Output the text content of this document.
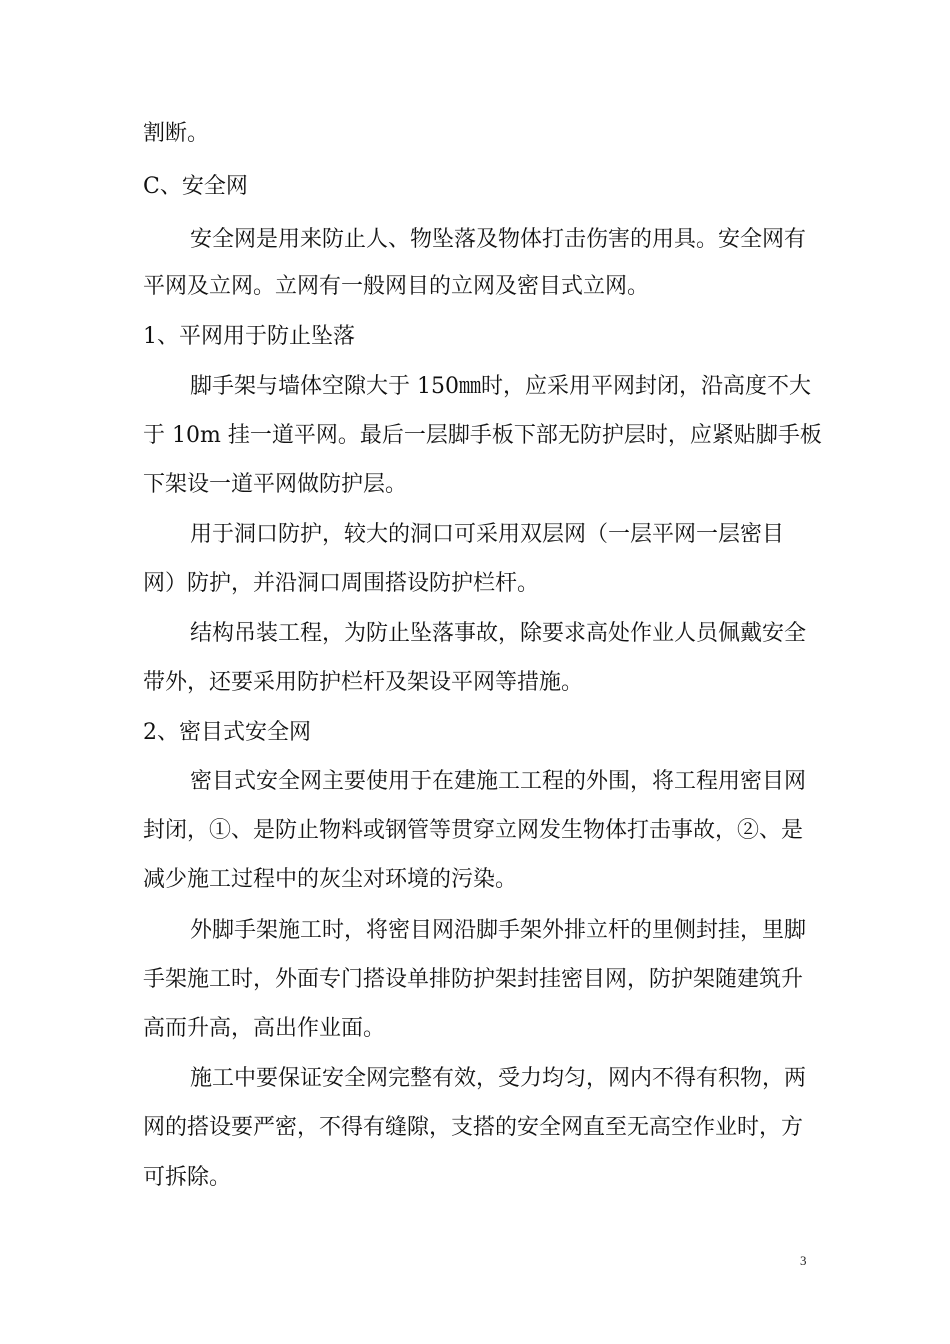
割断。
C、安全网
安全网是用来防止人、物坠落及物体打击伤害的用具。安全网有
平网及立网。立网有一般网目的立网及密目式立网。
1、平网用于防止坠落
脚手架与墙体空隙大于 150㎜时，应采用平网封闭，沿高度不大
于 10m 挂一道平网。最后一层脚手板下部无防护层时，应紧贴脚手板
下架设一道平网做防护层。
用于洞口防护，较大的洞口可采用双层网（一层平网一层密目
网）防护，并沿洞口周围搭设防护栏杆。
结构吊装工程，为防止坠落事故，除要求高处作业人员佩戴安全
带外，还要采用防护栏杆及架设平网等措施。
2、密目式安全网
密目式安全网主要使用于在建施工工程的外围，将工程用密目网
封闭，①、是防止物料或钢管等贯穿立网发生物体打击事故，②、是
减少施工过程中的灰尘对环境的污染。
外脚手架施工时，将密目网沿脚手架外排立杆的里侧封挂，里脚
手架施工时，外面专门搭设单排防护架封挂密目网，防护架随建筑升
高而升高，高出作业面。
施工中要保证安全网完整有效，受力均匀，网内不得有积物，两
网的搭设要严密，不得有缝隙，支搭的安全网直至无高空作业时，方
可拆除。
3
